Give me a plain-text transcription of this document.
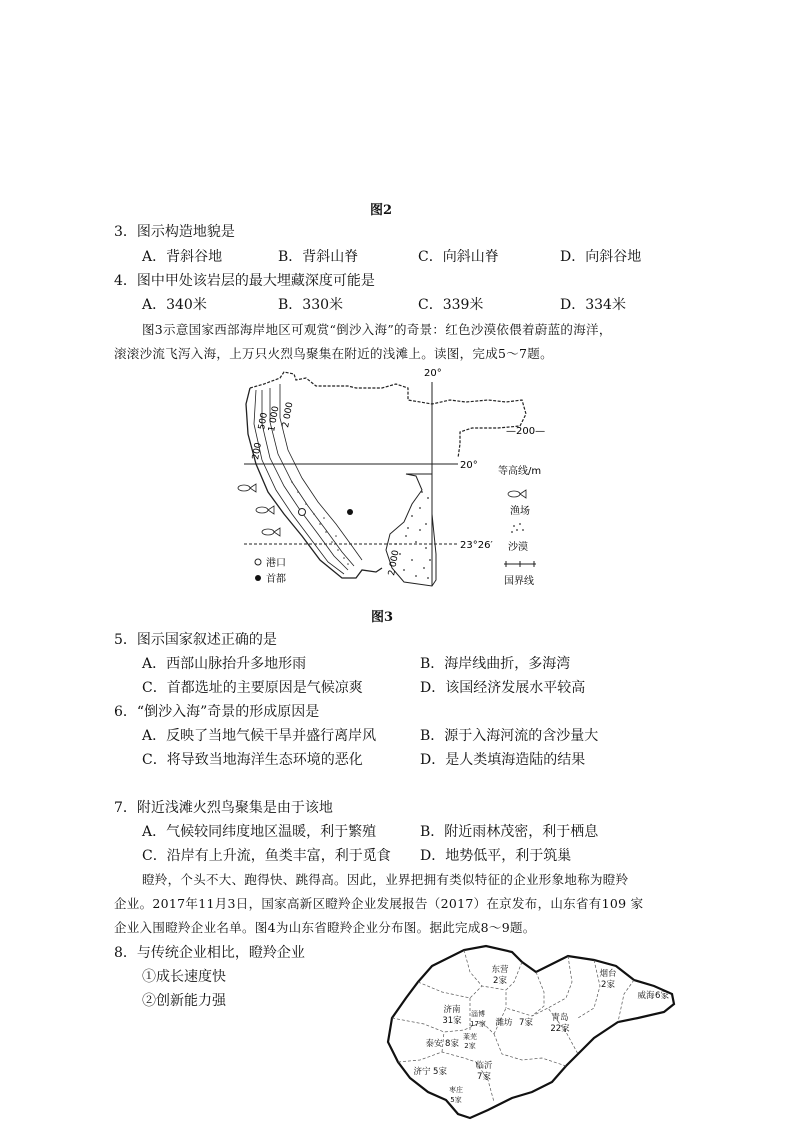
图2
3．图示构造地貌是
A．背斜谷地	B．背斜山脊	C．向斜山脊	D．向斜谷地
4．图中甲处该岩层的最大埋藏深度可能是
A．340米	B．330米	C．339米	D．334米
图3示意国家西部海岸地区可观赏“倒沙入海”的奇景：红色沙漠依偎着蔚蓝的海洋，
滚滚沙流飞泻入海，上万只火烈鸟聚集在附近的浅滩上。读图，完成5～7题。
20°
20°
23°26′
200
500
1 000 2 000
2 000
港口
首都
—200—
等高线/m
渔场
沙漠
国界线
图3
5．图示国家叙述正确的是
A．西部山脉抬升多地形雨	B．海岸线曲折，多海湾
C．首都选址的主要原因是气候凉爽	D．该国经济发展水平较高
6．“倒沙入海”奇景的形成原因是
A．反映了当地气候干旱并盛行离岸风	B．源于入海河流的含沙量大
C．将导致当地海洋生态环境的恶化	D．是人类填海造陆的结果
7．附近浅滩火烈鸟聚集是由于该地
A．气候较同纬度地区温暖，利于繁殖	B．附近雨林茂密，利于栖息
C．沿岸有上升流，鱼类丰富，利于觅食 D．地势低平，利于筑巢
瞪羚，个头不大、跑得快、跳得高。因此，业界把拥有类似特征的企业形象地称为瞪羚
企业。2017年11月3日，国家高新区瞪羚企业发展报告（2017）在京发布，山东省有109 家
企业入围瞪羚企业名单。图4为山东省瞪羚企业分布图。据此完成8～9题。
8．与传统企业相比，瞪羚企业
①成长速度快
②创新能力强
东营
2家
烟台
2家
威海 6家
济南
31家
淄博
17家
莱芜
2家
潍坊 7家 青岛
22家
泰安 8家
济宁 5家
临沂
7家
枣庄
5家
